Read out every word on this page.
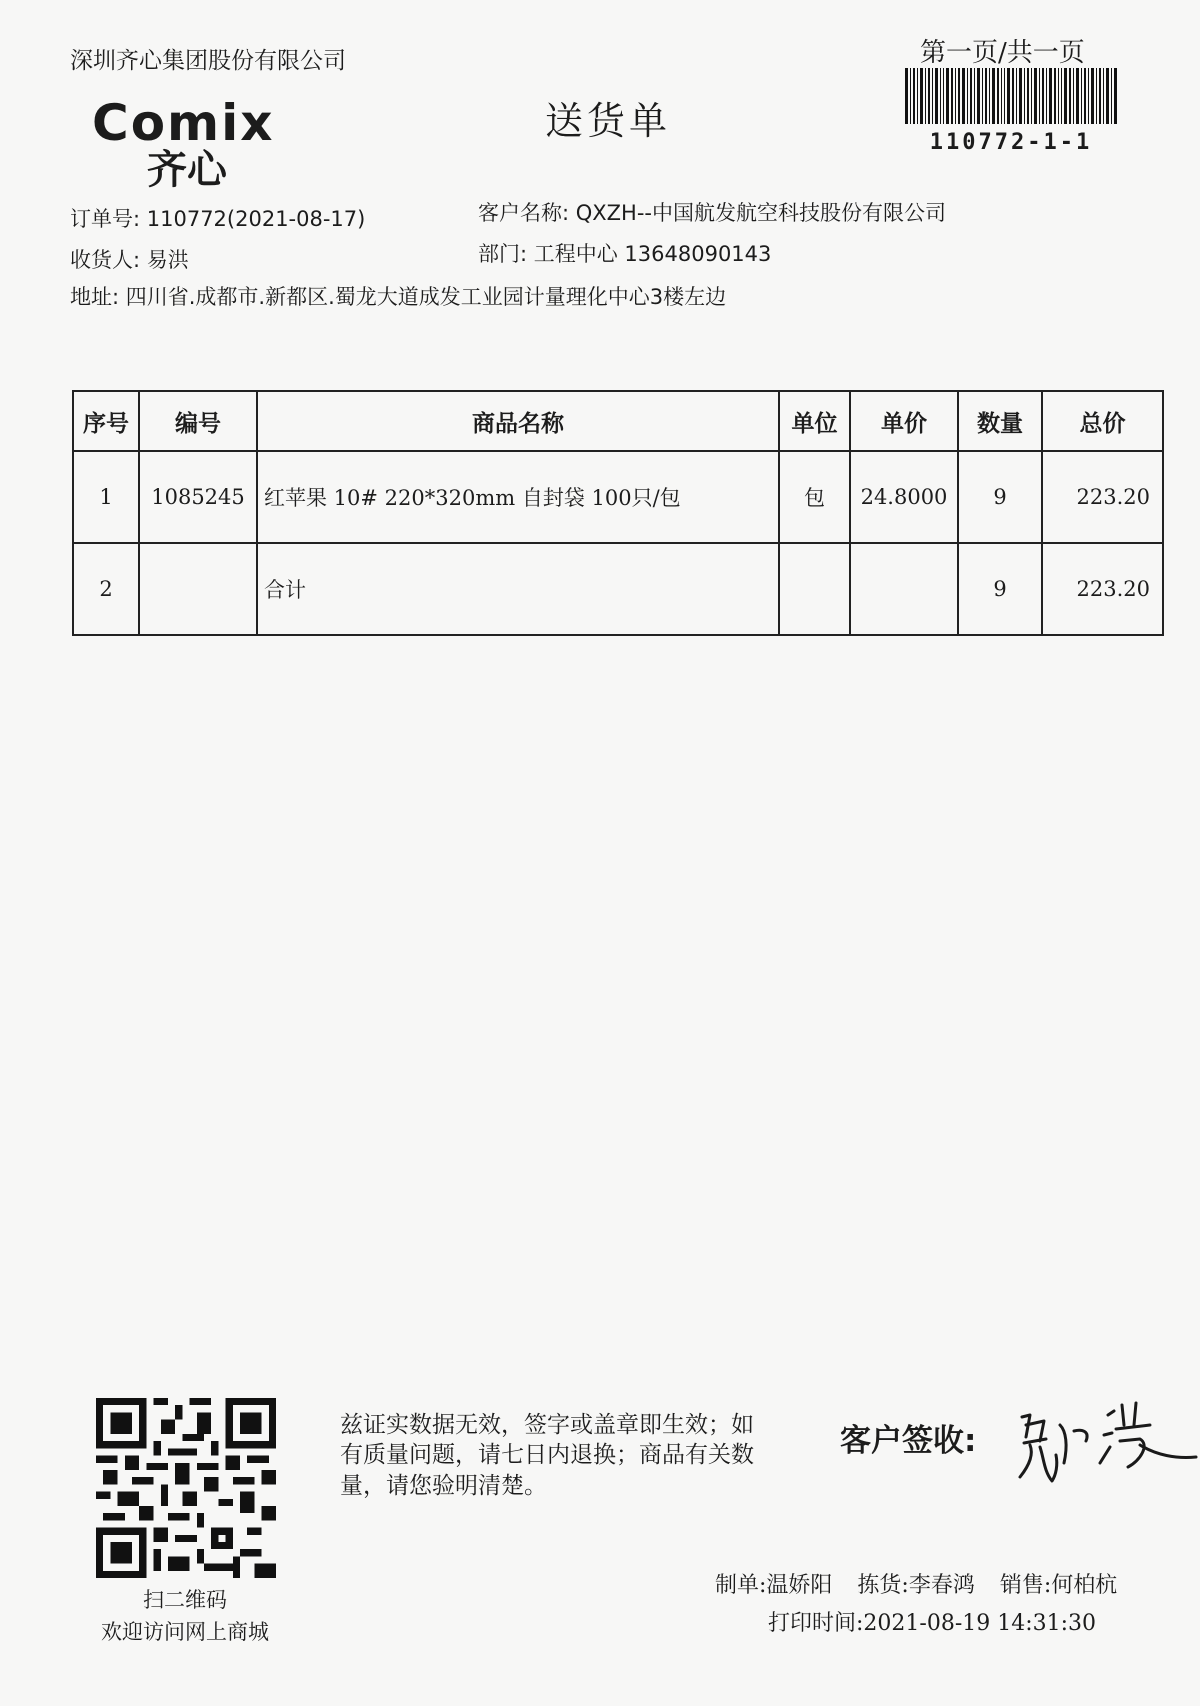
深圳齐心集团股份有限公司	第一页/共一页
110772-1-1
Comix
齐心
送货单
订单号: 110772(2021-08-17)	客户名称: QXZH--中国航发航空科技股份有限公司
收货人: 易洪	部门: 工程中心 13648090143
地址: 四川省.成都市.新都区.蜀龙大道成发工业园计量理化中心3楼左边
序号	编号	商品名称	单位	单价	数量	总价
1	1085245	红苹果 10# 220*320mm 自封袋 100只/包	包	24.8000	9	223.20
2		合计			9	223.20
扫二维码
欢迎访问网上商城
兹证实数据无效，签字或盖章即生效；如有质量问题，请七日内退换；商品有关数量，请您验明清楚。
客户签收:
制单:温娇阳 拣货:李春鸿 销售:何柏杭
打印时间:2021-08-19 14:31:30
